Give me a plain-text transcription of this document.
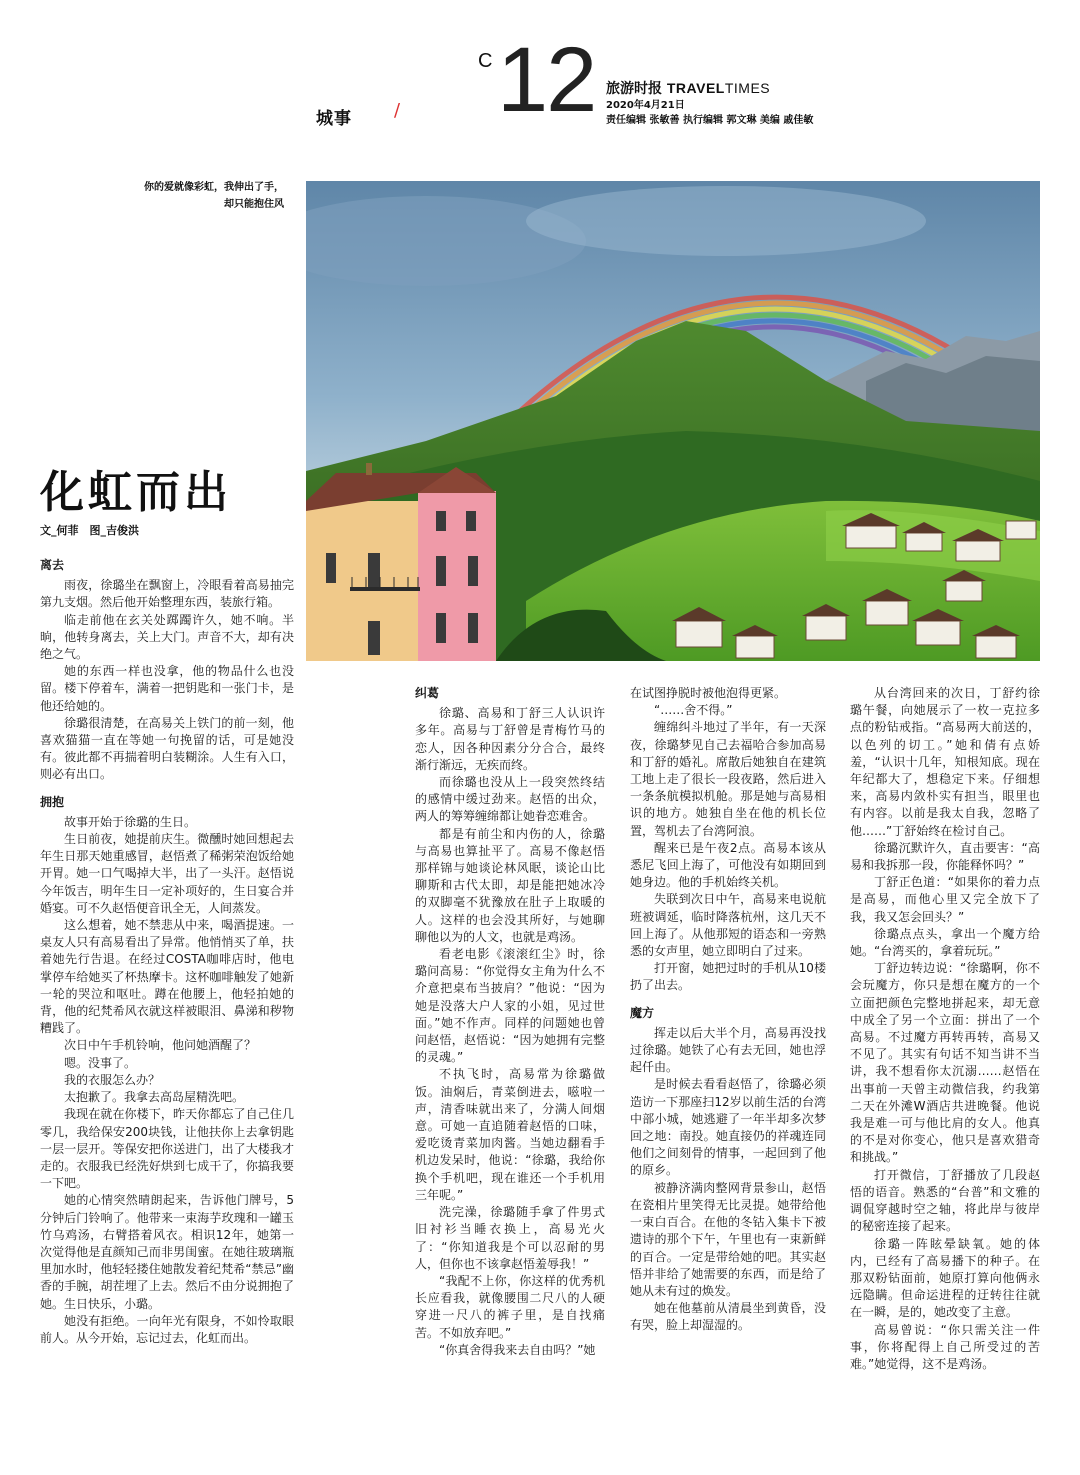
城事 /
C 12 旅游时报 TRAVELTIMES
2020年4月21日
责任编辑 张敏善 执行编辑 郭文琳 美编 戚佳敏
你的爱就像彩虹，我伸出了手，
却只能抱住风
化虹而出
文_何菲　图_吉俊洪
离去

雨夜，徐璐坐在飘窗上，冷眼看着高易抽完第九支烟。然后他开始整理东西，装旅行箱。

临走前他在玄关处踯躅许久，她不响。半晌，他转身离去，关上大门。声音不大，却有决绝之气。

她的东西一样也没拿，他的物品什么也没留。楼下停着车，满着一把钥匙和一张门卡，是他还给她的。

徐璐很清楚，在高易关上铁门的前一刻，他喜欢猫猫一直在等她一句挽留的话，可是她没有。彼此都不再揣着明白装糊涂。人生有入口，则必有出口。

拥抱

故事开始于徐璐的生日。

生日前夜，她提前庆生。微醺时她回想起去年生日那天她重感冒，赵悟煮了稀粥荣泡饭给她开胃。她一口气喝掉大半，出了一头汗。赵悟说今年饭吉，明年生日一定补项好的，生日宴合并婚宴。可不久赵悟便音讯全无，人间蒸发。

这么想着，她不禁悲从中来，喝酒提速。一桌友人只有高易看出了异常。他悄悄买了单，扶着她先行告退。在经过COSTA咖啡店时，他电掌停车给她买了杯热摩卡。这杯咖啡触发了她新一轮的哭泣和呕吐。蹲在他腰上，他轻拍她的背，他的纪梵希风衣就这样被眼泪、鼻涕和秽物糟践了。

次日中午手机铃响，他问她酒醒了？

嗯。没事了。

我的衣服怎么办？

太抱歉了。我拿去高岛屋精洗吧。

我现在就在你楼下，昨天你都忘了自己住几零几，我给保安200块钱，让他扶你上去拿钥匙一层一层开。等保安把你送进门，出了大楼我才走的。衣服我已经洗好烘到七成干了，你搞我要一下吧。

她的心情突然晴朗起来，告诉他门牌号，5分钟后门铃响了。他带来一束海芋玫瑰和一罐玉竹乌鸡汤，右臂搭着风衣。相识12年，她第一次觉得他是直颜知己而非男闺蜜。在她往玻璃瓶里加水时，他轻轻搂住她散发着纪梵希“禁忌”幽香的手腕，胡茬埋了上去。然后不由分说拥抱了她。生日快乐，小璐。

她没有拒绝。一向年光有限身，不如怜取眼前人。从今开始，忘记过去，化虹而出。

纠葛

徐璐、高易和丁舒三人认识许多年。高易与丁舒曾是青梅竹马的恋人，因各种因素分分合合，最终渐行渐远，无疾而终。

而徐璐也没从上一段突然终结的感情中缓过劲来。赵悟的出众，两人的筹筹缠绵都让她眷恋难舍。

都是有前尘和内伤的人，徐璐与高易也算扯平了。高易不像赵悟那样锦与她谈论林风眠，谈论山比聊斯和古代太即，却是能把她冰冷的双脚毫不犹豫放在肚子上取暖的人。这样的也会没其所好，与她聊聊他以为的人文，也就是鸡汤。

看老电影《滚滚红尘》时，徐璐问高易：“你觉得女主角为什么不介意把桌布当披肩？”他说：“因为她是没落大户人家的小姐，见过世面。”她不作声。同样的问题她也曾问赵悟，赵悟说：“因为她拥有完整的灵魂。”

不执飞时，高易常为徐璐做饭。油焖后，青菜倒进去，嗞啦一声，清香味就出来了，分满人间烟意。可她一直追随着赵悟的口味，爱吃烫青菜加肉酱。当她边翻看手机边发呆时，他说：“徐璐，我给你换个手机吧，现在谁还一个手机用三年呢。”

洗完澡，徐璐随手拿了件男式旧衬衫当睡衣换上，高易光火了：“你知道我是个可以忍耐的男人，但你也不该拿赵悟羞辱我！”

“我配不上你，你这样的优秀机长应看我，就像腰围二尺八的人硬穿进一尺八的裤子里，是自找痛苦。不如放弃吧。”

“你真舍得我来去自由吗？”她

在试图挣脱时被他泡得更紧。

“……舍不得。”

缠绵纠斗地过了半年，有一天深夜，徐璐梦见自己去福哈合参加高易和丁舒的婚礼。席散后她独自在建筑工地上走了很长一段夜路，然后进入一条条航模拟机舱。那是她与高易相识的地方。她独自坐在他的机长位置，驾机去了台湾阿浪。

醒来已是午夜2点。高易本该从悉尼飞回上海了，可他没有如期回到她身边。他的手机始终关机。

失联到次日中午，高易来电说航班被调延，临时降落杭州，这几天不回上海了。从他那短的语态和一旁熟悉的女声里，她立即明白了过来。

打开窗，她把过时的手机从10楼扔了出去。

魔方

挥走以后大半个月，高易再没找过徐璐。她铁了心有去无回，她也浮起仟由。

是时候去看看赵悟了，徐璐必须造访一下那座扫12岁以前生活的台湾中部小城，她逃避了一年半却多次梦回之地：南投。她直接仍的祥魂连同他们之间刻骨的情事，一起回到了他的原乡。

被静济满肉整网背景参山，赵悟在瓷相片里笑得无比灵提。她带给他一束白百合。在他的冬钴入集卡下被遗诗的那个下午，午里也有一束新鲜的百合。一定是带给她的吧。其实赵悟并非给了她需要的东西，而是给了她从未有过的焕发。

她在他墓前从清晨坐到黄昏，没有哭，脸上却湿湿的。

从台湾回来的次日，丁舒约徐璐午餐，向她展示了一枚一克拉多点的粉钻戒指。“高易两大前送的，以色列的切工。”她和倩有点娇羞，“认识十几年，知根知底。现在年纪都大了，想稳定下来。仔细想来，高易内敛朴实有担当，眼里也有内容。以前是我太自我，忽略了他……”丁舒始终在检讨自己。

徐璐沉默许久，直击要害：“高易和我拆那一段，你能释怀吗？”

丁舒正色道：“如果你的着力点是高易，而他心里又完全放下了我，我又怎会回头？”

徐璐点点头，拿出一个魔方给她。“台湾买的，拿着玩玩。”

丁舒边转边说：“徐璐啊，你不会玩魔方，你只是想在魔方的一个立面把颜色完整地拼起来，却无意中成全了另一个立面：拼出了一个高易。不过魔方再转再转，高易又不见了。其实有句话不知当讲不当讲，我不想看你太沉溺……赵悟在出事前一天曾主动微信我，约我第二天在外滩W酒店共进晚餐。他说我是难一可与他比肩的女人。他真的不是对你变心，他只是喜欢猎奇和挑战。”

打开微信，丁舒播放了几段赵悟的语音。熟悉的“台普”和文雅的调侃穿越时空之轴，将此岸与彼岸的秘密连接了起来。

徐璐一阵眩晕缺氧。她的体内，已经有了高易播下的种子。在那双粉钻面前，她原打算向他俩永远隐瞒。但命运进程的迂转往往就在一瞬，是的，她改变了主意。

高易曾说：“你只需关注一件事，你将配得上自己所受过的苦难。”她觉得，这不是鸡汤。
